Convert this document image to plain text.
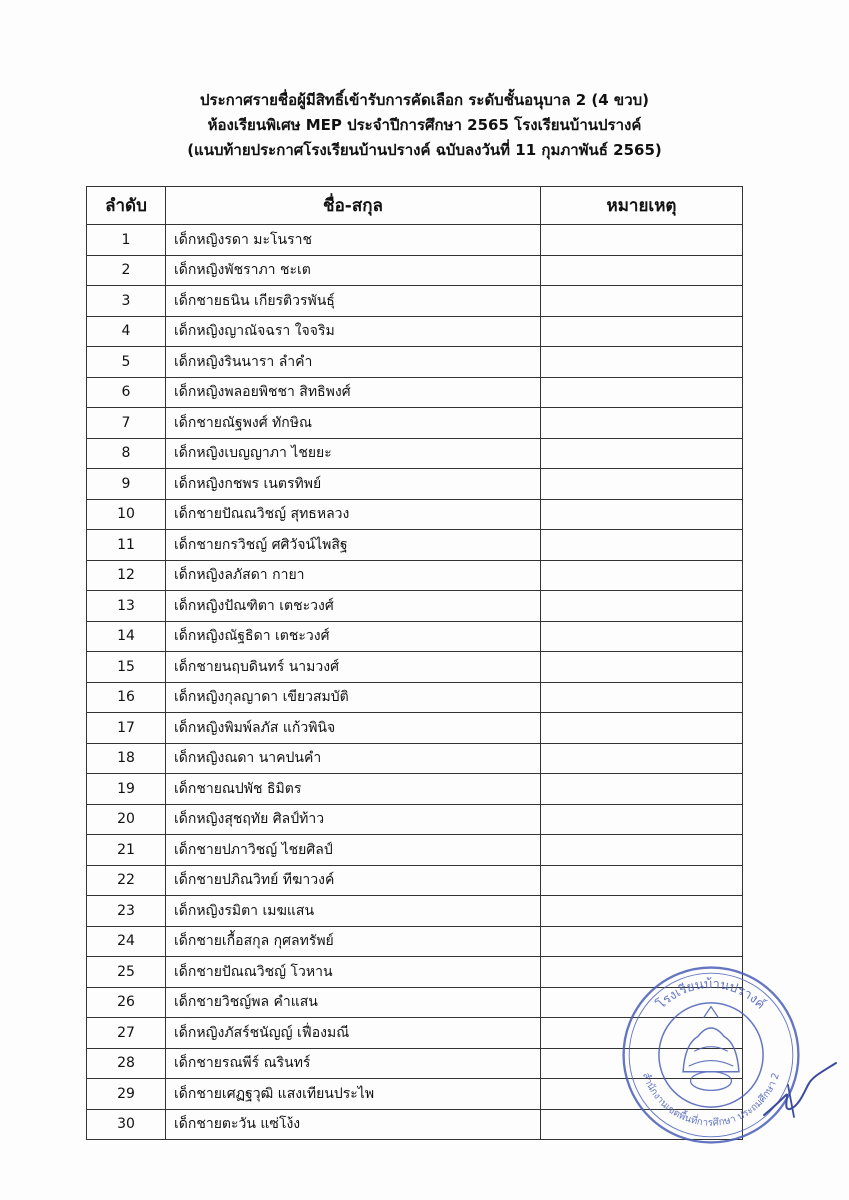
ประกาศรายชื่อผู้มีสิทธิ์เข้ารับการคัดเลือก ระดับชั้นอนุบาล 2 (4 ขวบ)
ห้องเรียนพิเศษ MEP ประจำปีการศึกษา 2565 โรงเรียนบ้านปรางค์
(แนบท้ายประกาศโรงเรียนบ้านปรางค์ ฉบับลงวันที่ 11 กุมภาพันธ์ 2565)
ลำดับ	ชื่อ-สกุล	หมายเหตุ
1	เด็กหญิงรดา มะโนราช	
2	เด็กหญิงพัชราภา ชะเต	
3	เด็กชายธนิน เกียรติวรพันธุ์	
4	เด็กหญิงญาณัจฉรา ใจจริม	
5	เด็กหญิงรินนารา ลำคำ	
6	เด็กหญิงพลอยพิชชา สิทธิพงศ์	
7	เด็กชายณัฐพงศ์ ทักษิณ	
8	เด็กหญิงเบญญาภา ไชยยะ	
9	เด็กหญิงกชพร เนตรทิพย์	
10	เด็กชายปัณณวิชญ์ สุทธหลวง	
11	เด็กชายกรวิชญ์ ศศิวัจน์ไพสิฐ	
12	เด็กหญิงลภัสดา กายา	
13	เด็กหญิงปัณฑิตา เตชะวงศ์	
14	เด็กหญิงณัฐธิดา เตชะวงศ์	
15	เด็กชายนฤบดินทร์ นามวงศ์	
16	เด็กหญิงกุลญาดา เขียวสมบัติ	
17	เด็กหญิงพิมพ์ลภัส แก้วพินิจ	
18	เด็กหญิงณดา นาคปนคำ	
19	เด็กชายณปพัช ธิมิตร	
20	เด็กหญิงสุชฤทัย ศิลป์ท้าว	
21	เด็กชายปภาวิชญ์ ไชยศิลป์	
22	เด็กชายปภิณวิทย์ ทีฆาวงค์	
23	เด็กหญิงรมิตา เมฆแสน	
24	เด็กชายเกื้อสกุล กุศลทรัพย์	
25	เด็กชายปัณณวิชญ์ โวหาน	
26	เด็กชายวิชญ์พล คำแสน	
27	เด็กหญิงภัสร์ชนัญญ์ เฟื่องมณี	
28	เด็กชายรณพีร์ ณรินทร์	
29	เด็กชายเศฏฐวุฒิ แสงเทียนประไพ	
30	เด็กชายตะวัน แซ่โง้ง	
โรงเรียนบ้านปรางค์
สำนักงานเขตพื้นที่การศึกษา ประถมศึกษา 2
